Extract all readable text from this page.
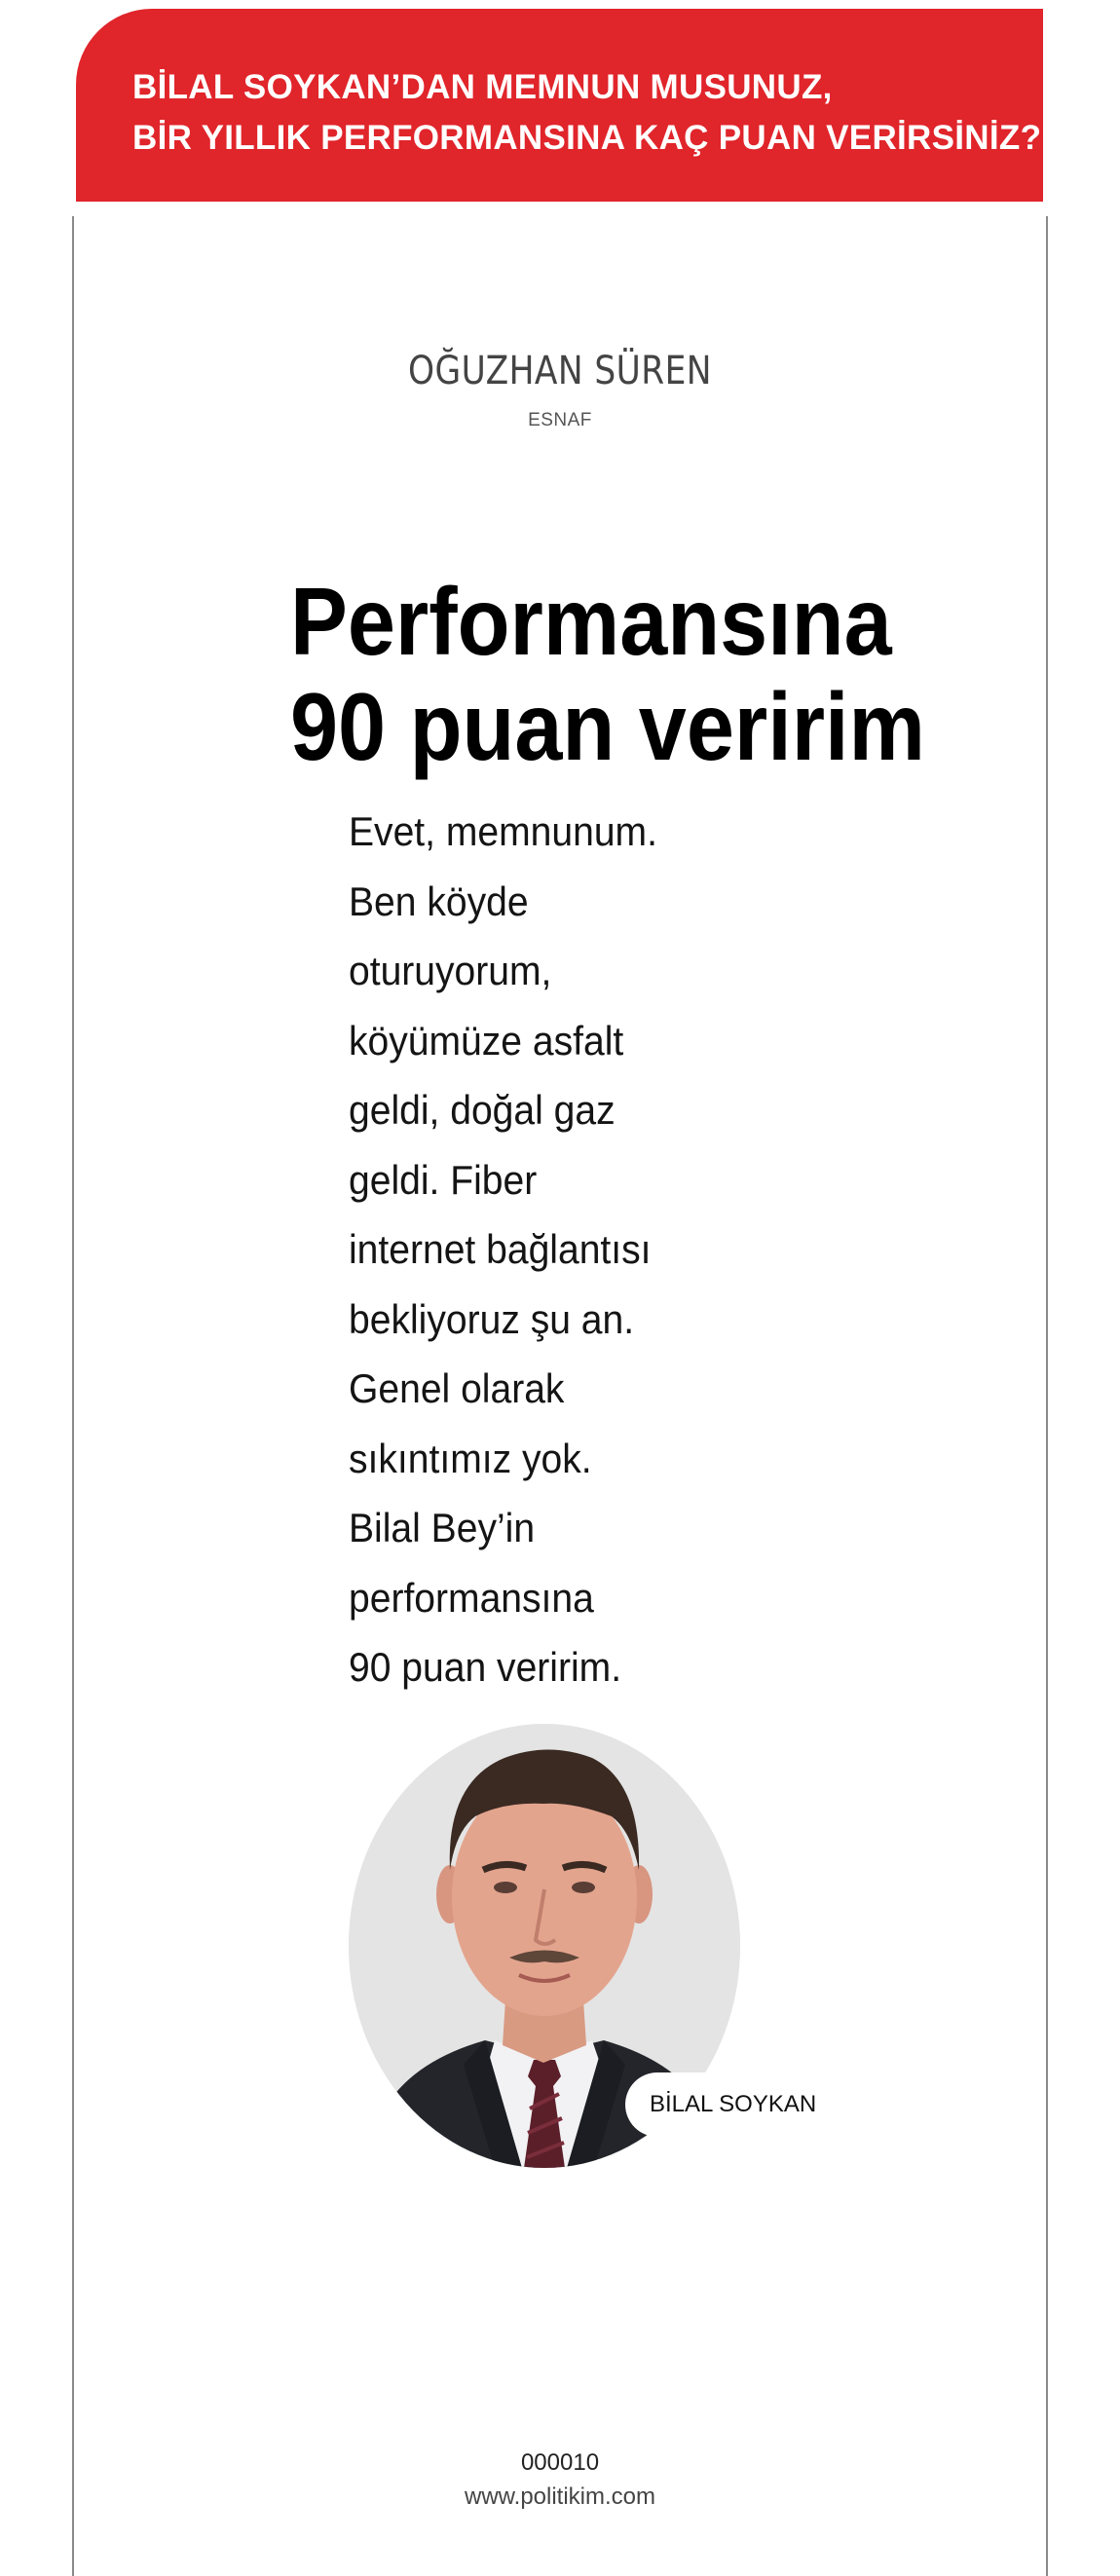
BİLAL SOYKAN’DAN MEMNUN MUSUNUZ,
BİR YILLIK PERFORMANSINA KAÇ PUAN VERİRSİNİZ?
OĞUZHAN SÜREN
ESNAF
Performansına
90 puan veririm
Evet, memnunum.
Ben köyde
oturuyorum,
köyümüze asfalt
geldi, doğal gaz
geldi. Fiber
internet bağlantısı
bekliyoruz şu an.
Genel olarak
sıkıntımız yok.
Bilal Bey’in
performansına
90 puan veririm.
BİLAL SOYKAN
000010
www.politikim.com
